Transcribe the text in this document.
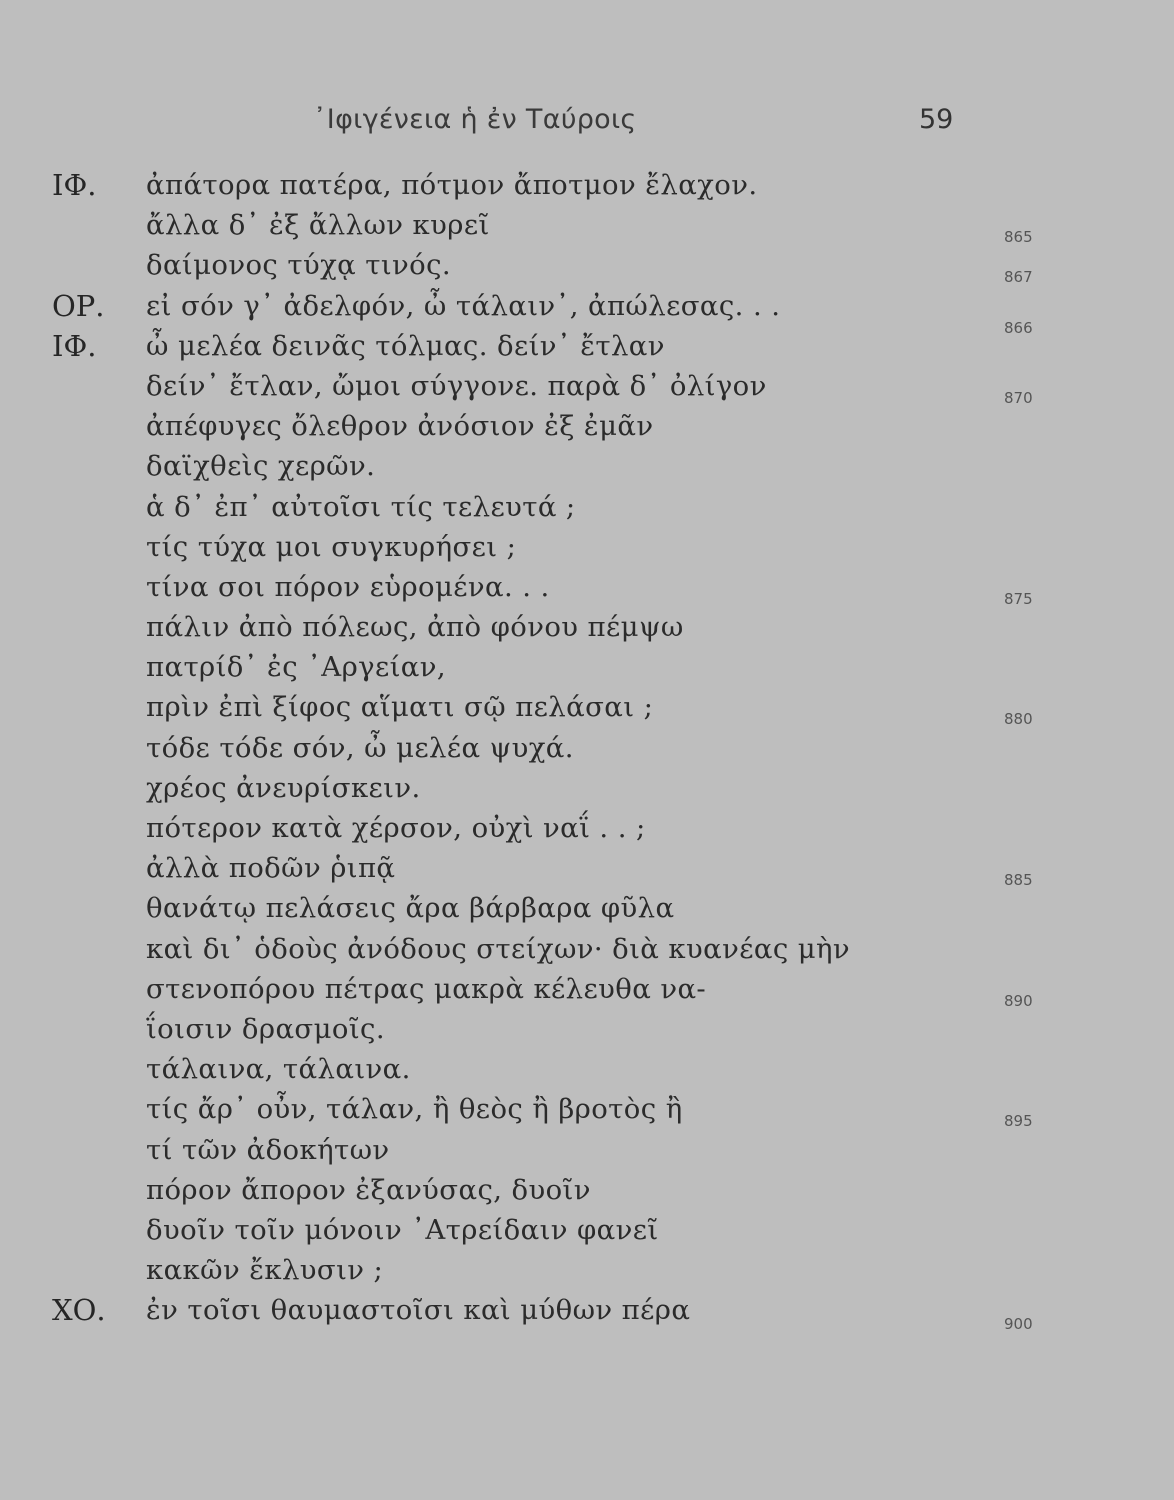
᾿Ιφιγένεια ἡ ἐν Ταύροις	59
ΙΦ. ἀπάτορα πατέρα, πότμον ἄποτμον ἔλαχον.
ἄλλα δ᾿ ἐξ ἄλλων κυρεῖ	865
δαίμονος τύχᾳ τινός.	867
ΟΡ. εἰ σόν γ᾿ ἀδελφόν, ὦ τάλαιν᾿, ἀπώλεσας. . .
866
ΙΦ. ὦ μελέα δεινᾶς τόλμας. δείν᾿ ἔτλαν
δείν᾿ ἔτλαν, ὤμοι σύγγονε. παρὰ δ᾿ ὀλίγον	870
ἀπέφυγες ὄλεθρον ἀνόσιον ἐξ ἐμᾶν
δαϊχθεὶς χερῶν.
ἁ δ᾿ ἐπ᾿ αὐτοῖσι τίς τελευτά ;
τίς τύχα μοι συγκυρήσει ;
τίνα σοι πόρον εὑρομένα. . .	875
πάλιν ἀπὸ πόλεως, ἀπὸ φόνου πέμψω
πατρίδ᾿ ἐς ᾿Αργείαν,
πρὶν ἐπὶ ξίφος αἵματι σῷ πελάσαι ;	880
τόδε τόδε σόν, ὦ μελέα ψυχά.
χρέος ἀνευρίσκειν.
πότερον κατὰ χέρσον, οὐχὶ ναΐ . . ;
ἀλλὰ ποδῶν ῥιπᾷ	885
θανάτῳ πελάσεις ἄρα βάρβαρα φῦλα
καὶ δι᾿ ὁδοὺς ἀνόδους στείχων· διὰ κυανέας μὴν
στενοπόρου πέτρας μακρὰ κέλευθα να-	890
ΐοισιν δρασμοῖς.
τάλαινα, τάλαινα.
τίς ἄρ᾿ οὖν, τάλαν, ἢ θεὸς ἢ βροτὸς ἢ	895
τί τῶν ἀδοκήτων
πόρον ἄπορον ἐξανύσας, δυοῖν
δυοῖν τοῖν μόνοιν ᾿Ατρείδαιν φανεῖ
κακῶν ἔκλυσιν ;
ΧΟ. ἐν τοῖσι θαυμαστοῖσι καὶ μύθων πέρα	900
